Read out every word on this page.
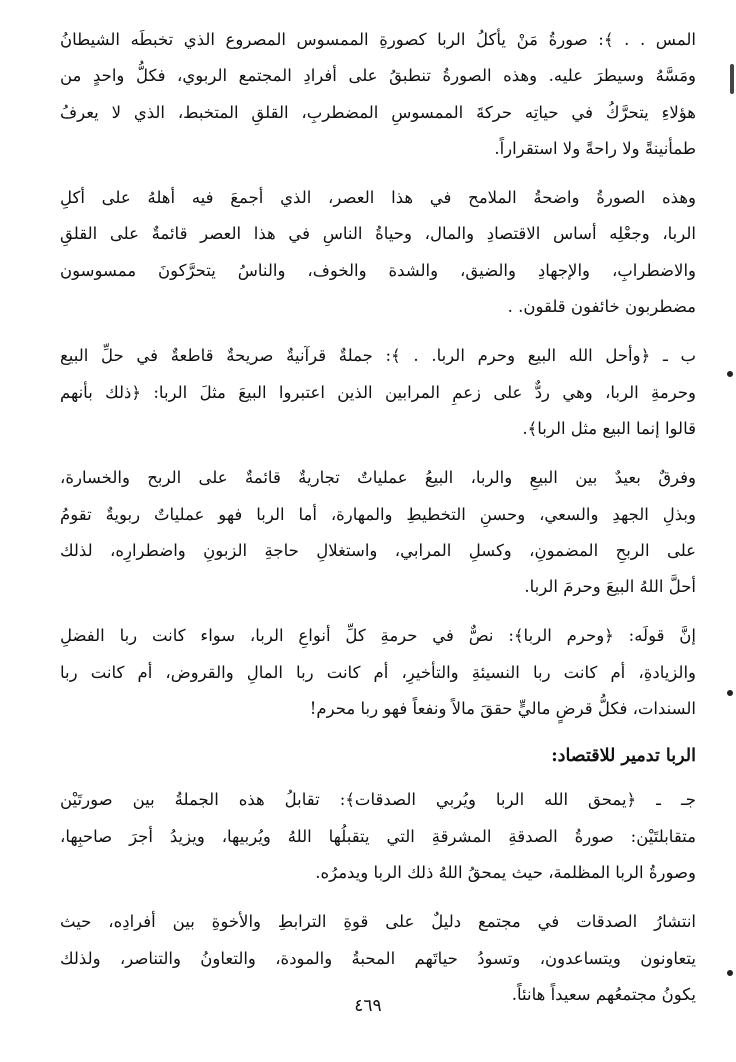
المس . . ﴾: صورةُ مَنْ يأكلُ الربا كصورةِ الممسوس المصروع الذي تخبطَه الشيطانُ
ومَسَّهُ وسيطرَ عليه. وهذه الصورةُ تنطبقُ على أفرادِ المجتمع الربوي، فكلُّ واحدٍ من
هؤلاءِ يتحرَّكُ في حياتِه حركةَ الممسوسِ المضطربِ، القلقِ المتخبط، الذي لا يعرفُ
طمأنينةً ولا راحةً ولا استقراراً.

وهذه الصورةُ واضحةُ الملامح في هذا العصر، الذي أجمعَ فيه أهلهُ على أكلِ
الربا، وجعْلِه أساس الاقتصادِ والمال، وحياةُ الناسِ في هذا العصر قائمةٌ على القلقِ
والاضطرابِ، والإجهادِ والضيق، والشدة والخوف، والناسُ يتحرَّكونَ ممسوسون
مضطربون خائفون قلقون. .

ب ـ ﴿وأحل الله البيع وحرم الربا. . ﴾: جملةٌ قرآنيةٌ صريحةٌ قاطعةٌ في حلِّ البيع
وحرمةِ الربا، وهي ردٌّ على زعمِ المرابين الذين اعتبروا البيعَ مثلَ الربا: ﴿ذلك بأنهم
قالوا إنما البيع مثل الربا﴾.

وفرقٌ بعيدٌ بين البيعِ والربا، البيعُ عملياتٌ تجاريةٌ قائمةٌ على الربح والخسارة،
وبذلِ الجهدِ والسعي، وحسنِ التخطيطِ والمهارة، أما الربا فهو عملياتٌ ربويةٌ تقومُ
على الربحِ المضمونِ، وكسلِ المرابي، واستغلالِ حاجةِ الزبونِ واضطرارِه، لذلك
أحلَّ اللهُ البيعَ وحرمَ الربا.

إنَّ قولَه: ﴿وحرم الربا﴾: نصٌّ في حرمةِ كلِّ أنواعِ الربا، سواء كانت ربا الفضلِ
والزيادةِ، أم كانت ربا النسيئةِ والتأخيرِ، أم كانت ربا المالِ والقروض، أم كانت ربا
السندات، فكلُّ قرضٍ ماليٍّ حققَ مالاً ونفعاً فهو ربا محرم!

الربا تدمير للاقتصاد:

جـ ـ ﴿يمحق الله الربا ويُربي الصدقات﴾: تقابلُ هذه الجملةُ بين صورتَيْن
متقابلتَيْن: صورةُ الصدقةِ المشرقةِ التي يتقبلُها اللهُ ويُربيها، ويزيدُ أجرَ صاحبِها،
وصورةُ الربا المظلمة، حيث يمحقُ اللهُ ذلك الربا ويدمرُه.

انتشارُ الصدقات في مجتمع دليلٌ على قوةِ الترابطِ والأخوةِ بين أفرادِه، حيث
يتعاونون ويتساعدون، وتسودُ حياتَهم المحبةُ والمودة، والتعاونُ والتناصر، ولذلك
يكونُ مجتمعُهم سعيداً هانئاً.

٤٦٩
